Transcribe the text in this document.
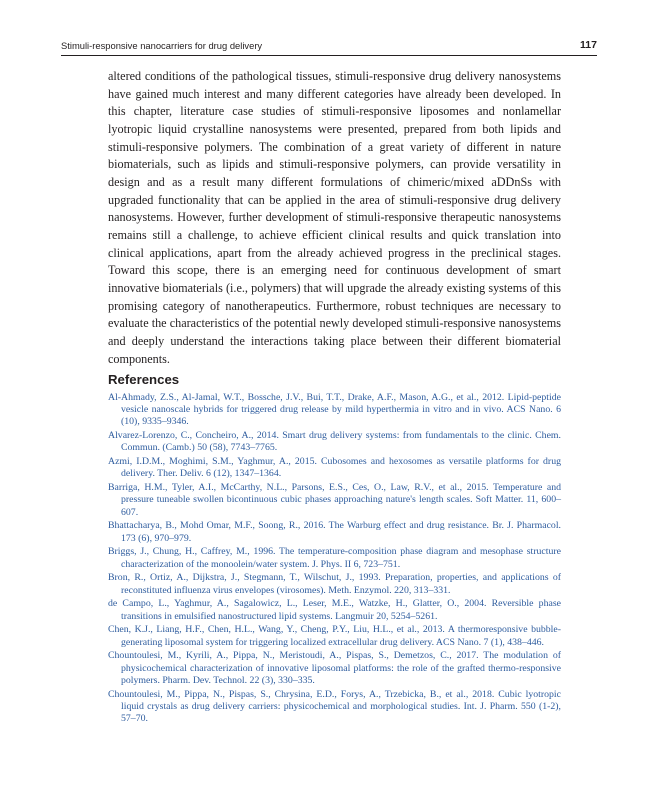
Stimuli-responsive nanocarriers for drug delivery	117

altered conditions of the pathological tissues, stimuli-responsive drug delivery nanosystems have gained much interest and many different categories have already been developed. In this chapter, literature case studies of stimuli-responsive liposomes and nonlamellar lyotropic liquid crystalline nanosystems were presented, prepared from both lipids and stimuli-responsive polymers. The combination of a great variety of different in nature biomaterials, such as lipids and stimuli-responsive polymers, can provide versatility in design and as a result many different formulations of chimeric/mixed aDDnSs with upgraded functionality that can be applied in the area of stimuli-responsive drug delivery nanosystems. However, further development of stimuli-responsive therapeutic nanosystems remains still a challenge, to achieve efficient clinical results and quick translation into clinical applications, apart from the already achieved progress in the preclinical stages. Toward this scope, there is an emerging need for continuous development of smart innovative biomaterials (i.e., polymers) that will upgrade the already existing systems of this promising category of nanotherapeutics. Furthermore, robust techniques are necessary to evaluate the characteristics of the potential newly developed stimuli-responsive nanosystems and deeply understand the interactions taking place between their different biomaterial components.

References
Al-Ahmady, Z.S., Al-Jamal, W.T., Bossche, J.V., Bui, T.T., Drake, A.F., Mason, A.G., et al., 2012. Lipid-peptide vesicle nanoscale hybrids for triggered drug release by mild hyperthermia in vitro and in vivo. ACS Nano. 6 (10), 9335–9346.
Alvarez-Lorenzo, C., Concheiro, A., 2014. Smart drug delivery systems: from fundamentals to the clinic. Chem. Commun. (Camb.) 50 (58), 7743–7765.
Azmi, I.D.M., Moghimi, S.M., Yaghmur, A., 2015. Cubosomes and hexosomes as versatile platforms for drug delivery. Ther. Deliv. 6 (12), 1347–1364.
Barriga, H.M., Tyler, A.I., McCarthy, N.L., Parsons, E.S., Ces, O., Law, R.V., et al., 2015. Temperature and pressure tuneable swollen bicontinuous cubic phases approaching nature's length scales. Soft Matter. 11, 600–607.
Bhattacharya, B., Mohd Omar, M.F., Soong, R., 2016. The Warburg effect and drug resistance. Br. J. Pharmacol. 173 (6), 970–979.
Briggs, J., Chung, H., Caffrey, M., 1996. The temperature-composition phase diagram and mesophase structure characterization of the monoolein/water system. J. Phys. II 6, 723–751.
Bron, R., Ortiz, A., Dijkstra, J., Stegmann, T., Wilschut, J., 1993. Preparation, properties, and applications of reconstituted influenza virus envelopes (virosomes). Meth. Enzymol. 220, 313–331.
de Campo, L., Yaghmur, A., Sagalowicz, L., Leser, M.E., Watzke, H., Glatter, O., 2004. Reversible phase transitions in emulsified nanostructured lipid systems. Langmuir 20, 5254–5261.
Chen, K.J., Liang, H.F., Chen, H.L., Wang, Y., Cheng, P.Y., Liu, H.L., et al., 2013. A thermoresponsive bubble-generating liposomal system for triggering localized extracellular drug delivery. ACS Nano. 7 (1), 438–446.
Chountoulesi, M., Kyrili, A., Pippa, N., Meristoudi, A., Pispas, S., Demetzos, C., 2017. The modulation of physicochemical characterization of innovative liposomal platforms: the role of the grafted thermo-responsive polymers. Pharm. Dev. Technol. 22 (3), 330–335.
Chountoulesi, M., Pippa, N., Pispas, S., Chrysina, E.D., Forys, A., Trzebicka, B., et al., 2018. Cubic lyotropic liquid crystals as drug delivery carriers: physicochemical and morphological studies. Int. J. Pharm. 550 (1-2), 57–70.
